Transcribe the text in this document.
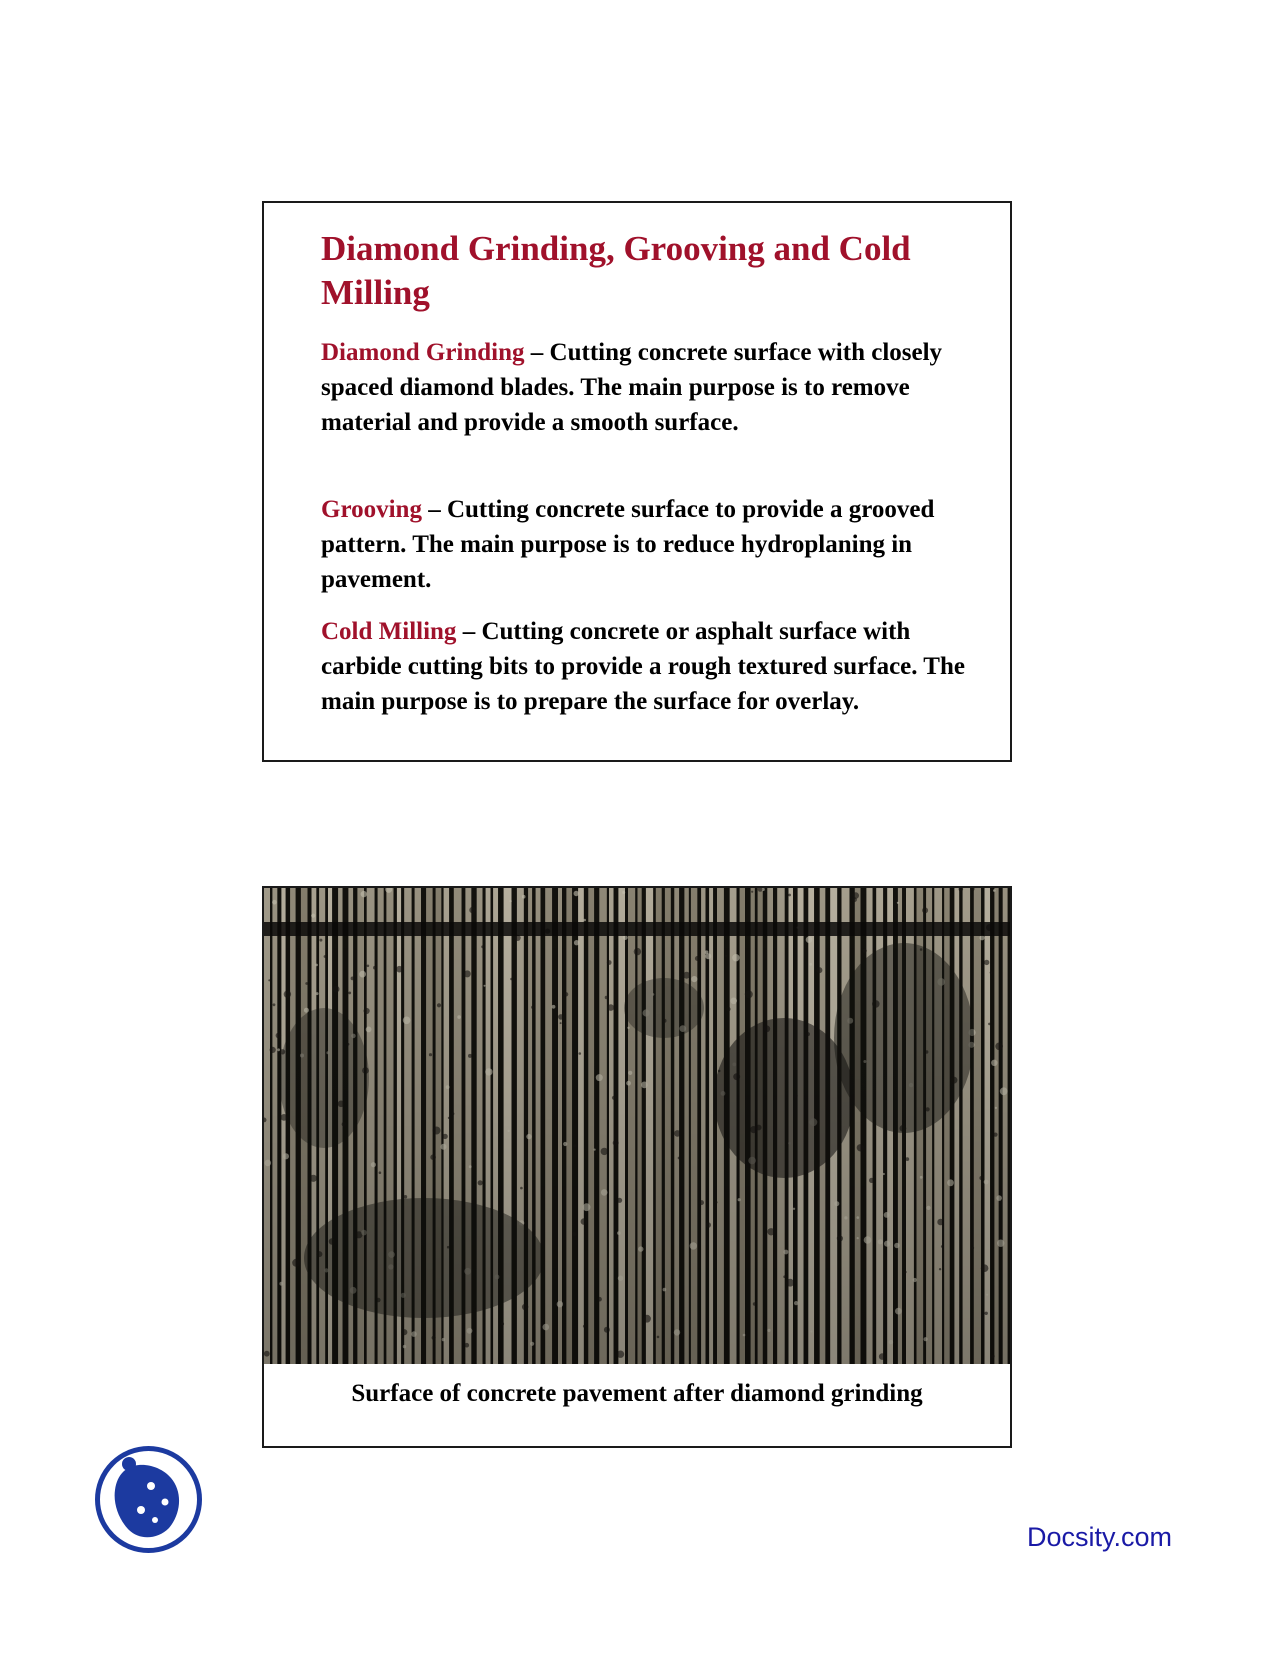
Diamond Grinding, Grooving and Cold Milling

Diamond Grinding – Cutting concrete surface with closely spaced diamond blades. The main purpose is to remove material and provide a smooth surface.

Grooving – Cutting concrete surface to provide a grooved pattern. The main purpose is to reduce hydroplaning in pavement.

Cold Milling – Cutting concrete or asphalt surface with carbide cutting bits to provide a rough textured surface. The main purpose is to prepare the surface for overlay.

Surface of concrete pavement after diamond grinding

Docsity.com
